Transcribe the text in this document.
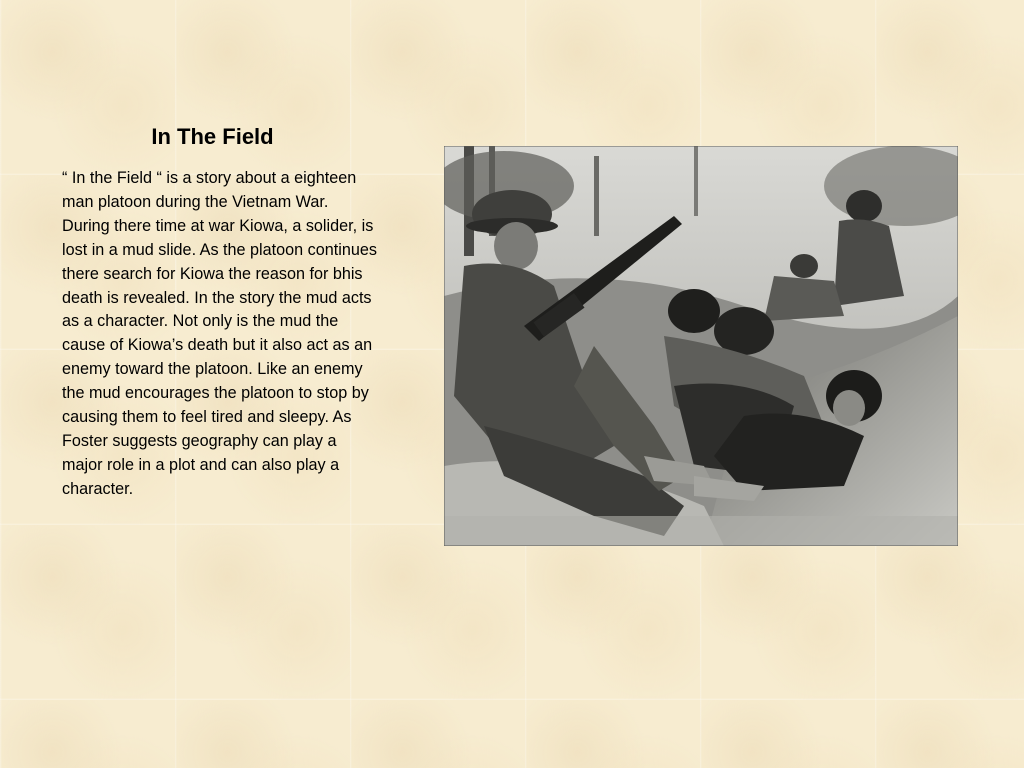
In The Field

“ In the Field “ is a story about a eighteen man platoon during the Vietnam War. During there time at war Kiowa, a solider, is lost in a mud slide. As the platoon continues there search for Kiowa the reason for bhis death is revealed. In the story the mud acts as a character. Not only is the mud the cause of Kiowa’s death but it also act as an enemy toward the platoon. Like an enemy the mud encourages the platoon to stop by causing them to feel tired and sleepy. As Foster suggests geography can play a major role in a plot and can also play a character.
